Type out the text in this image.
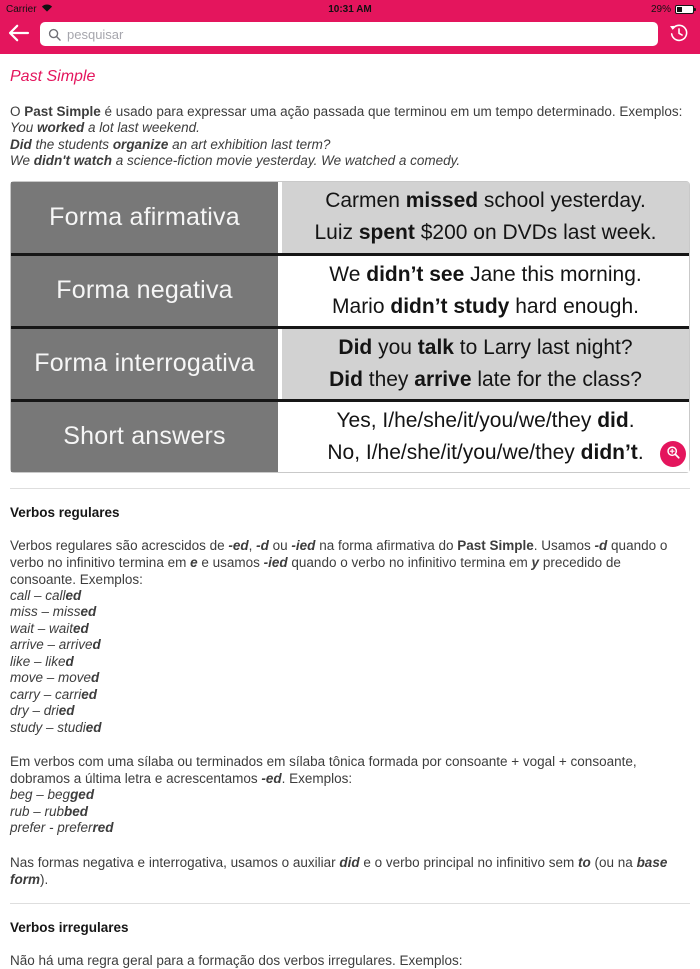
Carrier	10:31 AM	29%
pesquisar
Past Simple

O Past Simple é usado para expressar uma ação passada que terminou em um tempo determinado. Exemplos:

You worked a lot last weekend.
Did the students organize an art exhibition last term?
We didn't watch a science-fiction movie yesterday. We watched a comedy.
Forma afirmativa
Carmen missed school yesterday.
Luiz spent $200 on DVDs last week.
Forma negativa
We didn’t see Jane this morning.
Mario didn’t study hard enough.
Forma interrogativa
Did you talk to Larry last night?
Did they arrive late for the class?
Short answers
Yes, I/he/she/it/you/we/they did.
No, I/he/she/it/you/we/they didn’t.
Verbos regulares

Verbos regulares são acrescidos de -ed, -d ou -ied na forma afirmativa do Past Simple. Usamos -d quando o verbo no infinitivo termina em e e usamos -ied quando o verbo no infinitivo termina em y precedido de consoante. Exemplos:

call – called
miss – missed
wait – waited
arrive – arrived
like – liked
move – moved
carry – carried
dry – dried
study – studied

Em verbos com uma sílaba ou terminados em sílaba tônica formada por consoante + vogal + consoante, dobramos a última letra e acrescentamos -ed. Exemplos:

beg – begged
rub – rubbed
prefer - preferred

Nas formas negativa e interrogativa, usamos o auxiliar did e o verbo principal no infinitivo sem to (ou na base form).

Verbos irregulares

Não há uma regra geral para a formação dos verbos irregulares. Exemplos:
